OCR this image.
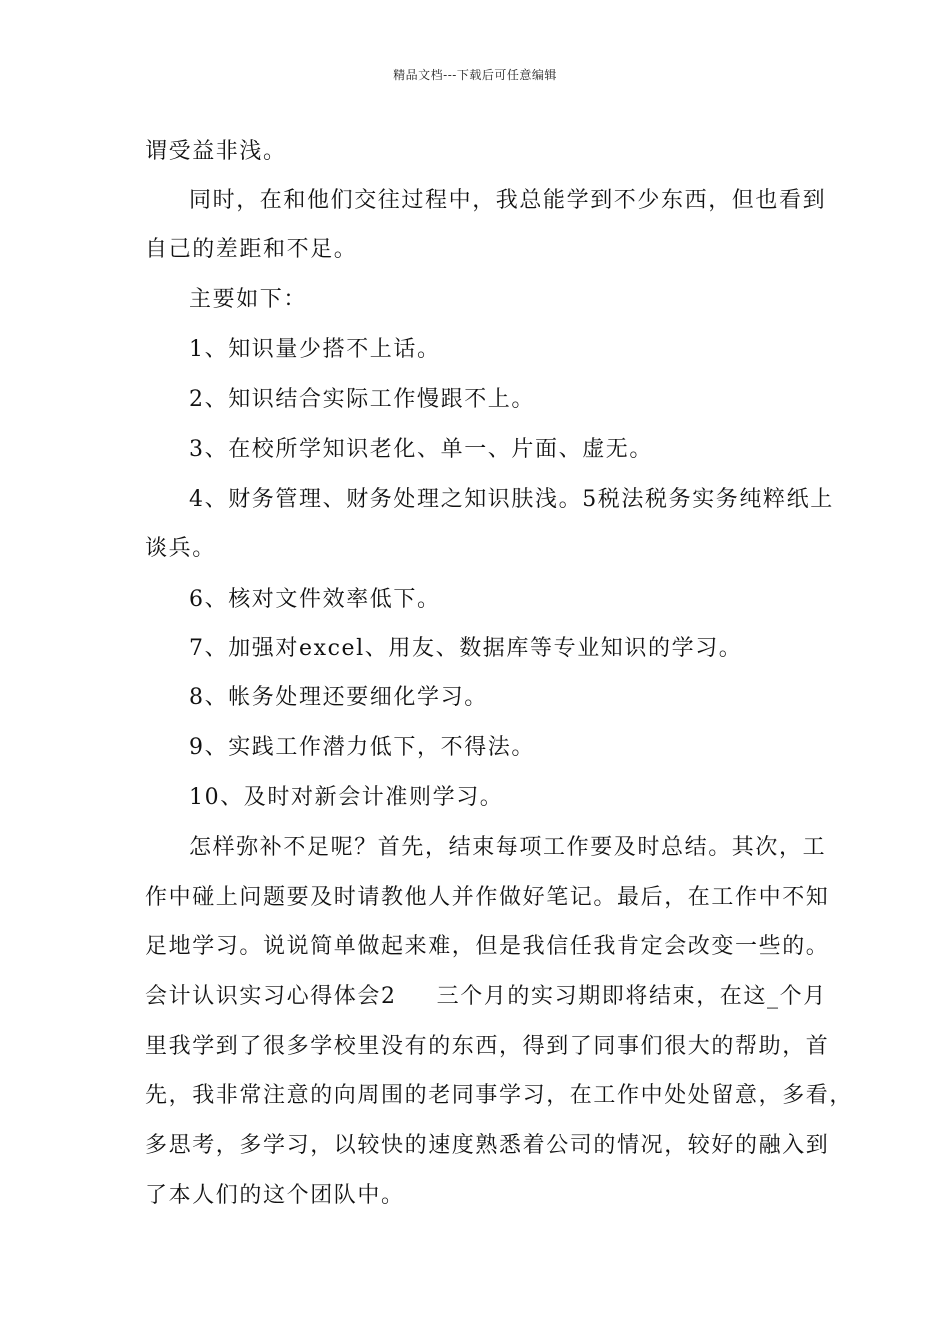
精品文档---下载后可任意编辑
谓受益非浅。
同时，在和他们交往过程中，我总能学到不少东西，但也看到
自己的差距和不足。
主要如下：
1、知识量少搭不上话。
2、知识结合实际工作慢跟不上。
3、在校所学知识老化、单一、片面、虚无。
4、财务管理、财务处理之知识肤浅。5税法税务实务纯粹纸上
谈兵。
6、核对文件效率低下。
7、加强对excel、用友、数据库等专业知识的学习。
8、帐务处理还要细化学习。
9、实践工作潜力低下，不得法。
10、及时对新会计准则学习。
怎样弥补不足呢？首先，结束每项工作要及时总结。其次，工
作中碰上问题要及时请教他人并作做好笔记。最后，在工作中不知
足地学习。说说简单做起来难，但是我信任我肯定会改变一些的。
会计认识实习心得体会2 三个月的实习期即将结束，在这_个月
里我学到了很多学校里没有的东西，得到了同事们很大的帮助，首
先，我非常注意的向周围的老同事学习，在工作中处处留意，多看，
多思考，多学习，以较快的速度熟悉着公司的情况，较好的融入到
了本人们的这个团队中。
